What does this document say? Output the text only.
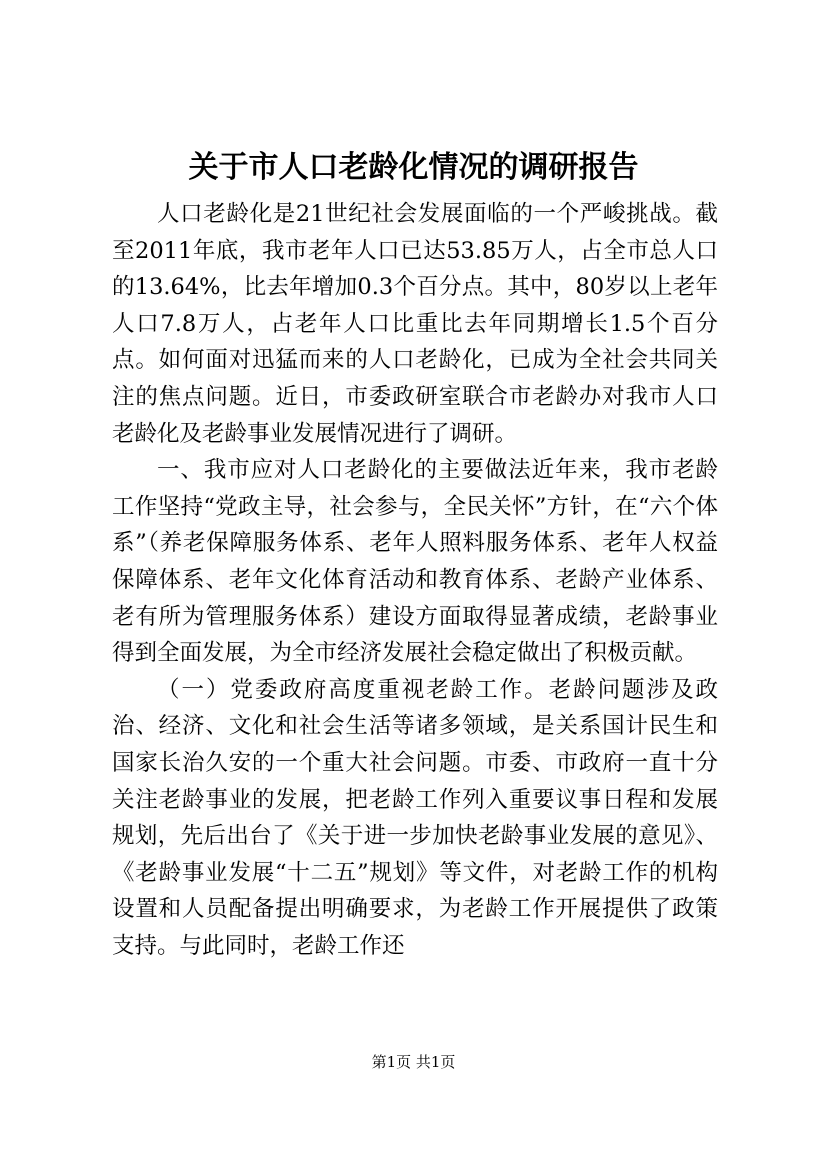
关于市人口老龄化情况的调研报告

人口老龄化是21世纪社会发展面临的一个严峻挑战。截至2011年底，我市老年人口已达53.85万人，占全市总人口的13.64%，比去年增加0.3个百分点。其中，80岁以上老年人口7.8万人，占老年人口比重比去年同期增长1.5个百分点。如何面对迅猛而来的人口老龄化，已成为全社会共同关注的焦点问题。近日，市委政研室联合市老龄办对我市人口老龄化及老龄事业发展情况进行了调研。

一、我市应对人口老龄化的主要做法近年来，我市老龄工作坚持“党政主导，社会参与，全民关怀”方针，在“六个体系”（养老保障服务体系、老年人照料服务体系、老年人权益保障体系、老年文化体育活动和教育体系、老龄产业体系、老有所为管理服务体系）建设方面取得显著成绩，老龄事业得到全面发展，为全市经济发展社会稳定做出了积极贡献。

（一）党委政府高度重视老龄工作。老龄问题涉及政治、经济、文化和社会生活等诸多领域，是关系国计民生和国家长治久安的一个重大社会问题。市委、市政府一直十分关注老龄事业的发展，把老龄工作列入重要议事日程和发展规划，先后出台了《关于进一步加快老龄事业发展的意见》、《老龄事业发展“十二五”规划》等文件，对老龄工作的机构设置和人员配备提出明确要求，为老龄工作开展提供了政策支持。与此同时，老龄工作还

第1页 共1页
